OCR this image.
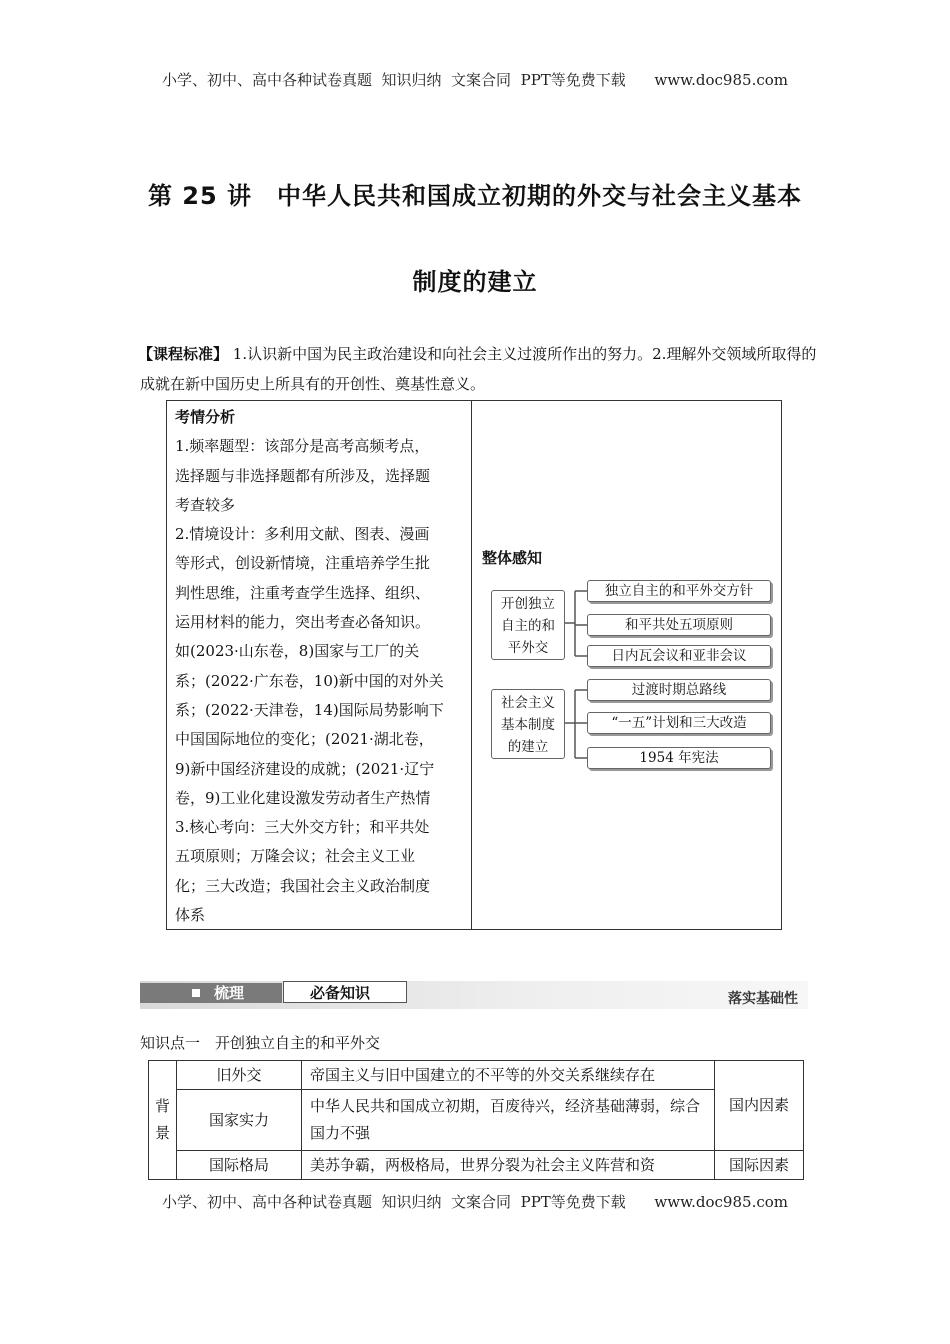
小学、初中、高中各种试卷真题  知识归纳  文案合同  PPT等免费下载      www.doc985.com
第 25 讲　中华人民共和国成立初期的外交与社会主义基本
制度的建立
【课程标准】 1.认识新中国为民主政治建设和向社会主义过渡所作出的努力。2.理解外交领域所取得的成就在新中国历史上所具有的开创性、奠基性意义。
考情分析
1.频率题型：该部分是高考高频考点，
选择题与非选择题都有所涉及，选择题
考查较多
2.情境设计：多利用文献、图表、漫画
等形式，创设新情境，注重培养学生批
判性思维，注重考查学生选择、组织、
运用材料的能力，突出考查必备知识。
如(2023·山东卷，8)国家与工厂的关
系；(2022·广东卷，10)新中国的对外关
系；(2022·天津卷，14)国际局势影响下
中国国际地位的变化；(2021·湖北卷，
9)新中国经济建设的成就；(2021·辽宁
卷，9)工业化建设激发劳动者生产热情
3.核心考向：三大外交方针；和平共处
五项原则；万隆会议；社会主义工业
化；三大改造；我国社会主义政治制度
体系
整体感知
开创独立
自主的和
平外交
独立自主的和平外交方针
和平共处五项原则
日内瓦会议和亚非会议
社会主义
基本制度
的建立
过渡时期总路线
“一五”计划和三大改造
1954 年宪法
梳理	必备知识	落实基础性
知识点一　开创独立自主的和平外交
背景	旧外交	帝国主义与旧中国建立的不平等的外交关系继续存在	国内因素
	国家实力	中华人民共和国成立初期，百废待兴，经济基础薄弱，综合国力不强	
	国际格局	美苏争霸，两极格局，世界分裂为社会主义阵营和资	国际因素
小学、初中、高中各种试卷真题  知识归纳  文案合同  PPT等免费下载      www.doc985.com
